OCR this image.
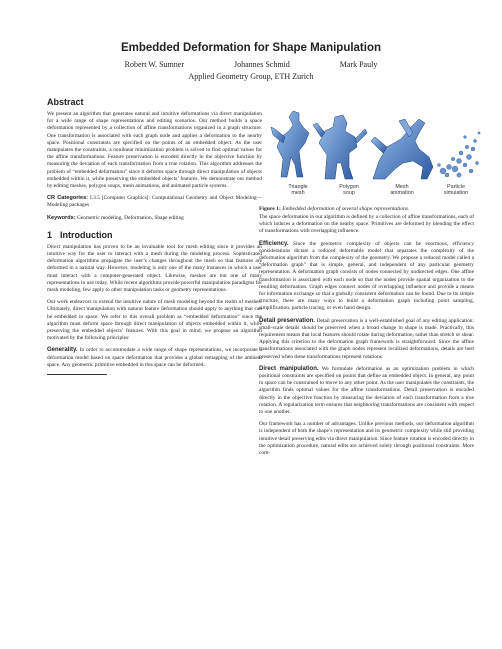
Embedded Deformation for Shape Manipulation
Robert W. Sumner	Johannes Schmid	Mark Pauly
Applied Geometry Group, ETH Zurich
Abstract

We present an algorithm that generates natural and intuitive deformations via direct manipulation for a wide range of shape representations and editing scenarios. Our method builds a space deformation represented by a collection of affine transformations organized in a graph structure. One transformation is associated with each graph node and applies a deformation to the nearby space. Positional constraints are specified on the points of an embedded object. As the user manipulates the constraints, a nonlinear minimization problem is solved to find optimal values for the affine transformations. Feature preservation is encoded directly in the objective function by measuring the deviation of each transformation from a true rotation. This algorithm addresses the problem of “embedded deformation” since it deforms space through direct manipulation of objects embedded within it, while preserving the embedded objects’ features. We demonstrate our method by editing meshes, polygon soups, mesh animations, and animated particle systems.

CR Categories: I.3.5 [Computer Graphics]: Computational Geometry and Object Modeling—Modeling packages

Keywords: Geometric modeling, Deformation, Shape editing

1 Introduction

Direct manipulation has proven to be an invaluable tool for mesh editing since it provides an intuitive way for the user to interact with a mesh during the modeling process. Sophisticated deformation algorithms propagate the user’s changes throughout the mesh so that features are deformed in a natural way. However, modeling is only one of the many instances in which a user must interact with a computer-generated object. Likewise, meshes are but one of many representations in use today. While recent algorithms provide powerful manipulation paradigms for mesh modeling, few apply to other manipulation tasks or geometry representations.

Our work endeavors to extend the intuitive nature of mesh modeling beyond the realm of meshes. Ultimately, direct manipulation with natural feature deformation should apply to anything that can be embedded in space. We refer to this overall problem as “embedded deformation” since the algorithm must deform space through direct manipulation of objects embedded within it, while preserving the embedded objects’ features. With this goal in mind, we propose an algorithm motivated by the following principles:

Generality. In order to accommodate a wide range of shape representations, we incorporate a deformation model based on space deformation that provides a global remapping of the ambient space. Any geometric primitive embedded in this space can be deformed.

Triangle
mesh
Polygon
soup
Mesh
animation
Particle
simulation
Figure 1: Embedded deformation of several shape representations.

The space deformation in our algorithm is defined by a collection of affine transformations, each of which induces a deformation on the nearby space. Primitives are deformed by blending the effect of transformations with overlapping influence.

Efficiency. Since the geometric complexity of objects can be enormous, efficiency considerations dictate a reduced deformable model that separates the complexity of the deformation algorithm from the complexity of the geometry. We propose a reduced model called a “deformation graph” that is simple, general, and independent of any particular geometry representation. A deformation graph consists of nodes connected by undirected edges. One affine transformation is associated with each node so that the nodes provide spatial organization to the resulting deformation. Graph edges connect nodes of overlapping influence and provide a means for information exchange so that a globally consistent deformation can be found. Due to its simple structure, there are many ways to build a deformation graph including point sampling, simplification, particle tracing, or even hand design.

Detail preservation. Detail preservation is a well-established goal of any editing application: small-scale details should be preserved when a broad change in shape is made. Practically, this requirement means that local features should rotate during deformation, rather than stretch or shear. Applying this criterion to the deformation graph framework is straightforward. Since the affine transformations associated with the graph nodes represent localized deformations, details are best preserved when these transformations represent rotations.

Direct manipulation. We formulate deformation as an optimization problem in which positional constraints are specified on points that define an embedded object. In general, any point in space can be constrained to move to any other point. As the user manipulates the constraints, the algorithm finds optimal values for the affine transformations. Detail preservation is encoded directly in the objective function by measuring the deviation of each transformation from a true rotation. A regularization term ensures that neighboring transformations are consistent with respect to one another.

Our framework has a number of advantages. Unlike previous methods, our deformation algorithm is independent of both the shape’s representation and its geometric complexity while still providing intuitive detail preserving edits via direct manipulation. Since feature rotation is encoded directly in the optimization procedure, natural edits are achieved solely through positional constraints. More com-
